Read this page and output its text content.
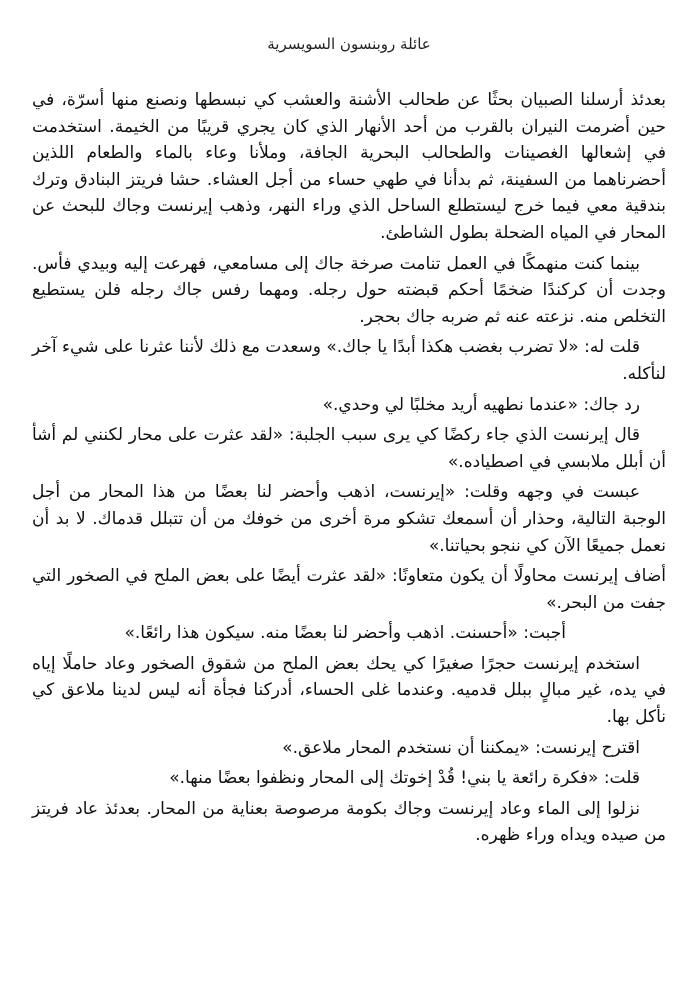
عائلة روبنسون السويسرية

بعدئذ أرسلنا الصبيان بحثًا عن طحالب الأشنة والعشب كي نبسطها ونصنع منها أسرّة، في حين أضرمت النيران بالقرب من أحد الأنهار الذي كان يجري قريبًا من الخيمة. استخدمت في إشعالها الغصينات والطحالب البحرية الجافة، وملأنا وعاء بالماء والطعام اللذين أحضرناهما من السفينة، ثم بدأنا في طهي حساء من أجل العشاء. حشا فريتز البنادق وترك بندقية معي فيما خرج ليستطلع الساحل الذي وراء النهر، وذهب إيرنست وجاك للبحث عن المحار في المياه الضحلة بطول الشاطئ.

بينما كنت منهمكًا في العمل تنامت صرخة جاك إلى مسامعي، فهرعت إليه وبيدي فأس. وجدت أن كركندًا ضخمًا أحكم قبضته حول رجله. ومهما رفس جاك رجله فلن يستطيع التخلص منه. نزعته عنه ثم ضربه جاك بحجر.

قلت له: «لا تضرب بغضب هكذا أبدًا يا جاك.» وسعدت مع ذلك لأننا عثرنا على شيء آخر لنأكله.

رد جاك: «عندما نطهيه أريد مخلبًا لي وحدي.»

قال إيرنست الذي جاء ركضًا كي يرى سبب الجلبة: «لقد عثرت على محار لكنني لم أشأ أن أبلل ملابسي في اصطياده.»

عبست في وجهه وقلت: «إيرنست، اذهب وأحضر لنا بعضًا من هذا المحار من أجل الوجبة التالية، وحذار أن أسمعك تشكو مرة أخرى من خوفك من أن تتبلل قدماك. لا بد أن نعمل جميعًا الآن كي ننجو بحياتنا.»

أضاف إيرنست محاولًا أن يكون متعاونًا: «لقد عثرت أيضًا على بعض الملح في الصخور التي جفت من البحر.»

أجبت: «أحسنت. اذهب وأحضر لنا بعضًا منه. سيكون هذا رائعًا.»

استخدم إيرنست حجرًا صغيرًا كي يحك بعض الملح من شقوق الصخور وعاد حاملًا إياه في يده، غير مبالٍ ببلل قدميه. وعندما غلى الحساء، أدركنا فجأة أنه ليس لدينا ملاعق كي نأكل بها.

اقترح إيرنست: «يمكننا أن نستخدم المحار ملاعق.»

قلت: «فكرة رائعة يا بني! قُدْ إخوتك إلى المحار ونظفوا بعضًا منها.»

نزلوا إلى الماء وعاد إيرنست وجاك بكومة مرصوصة بعناية من المحار. بعدئذ عاد فريتز من صيده ويداه وراء ظهره.
